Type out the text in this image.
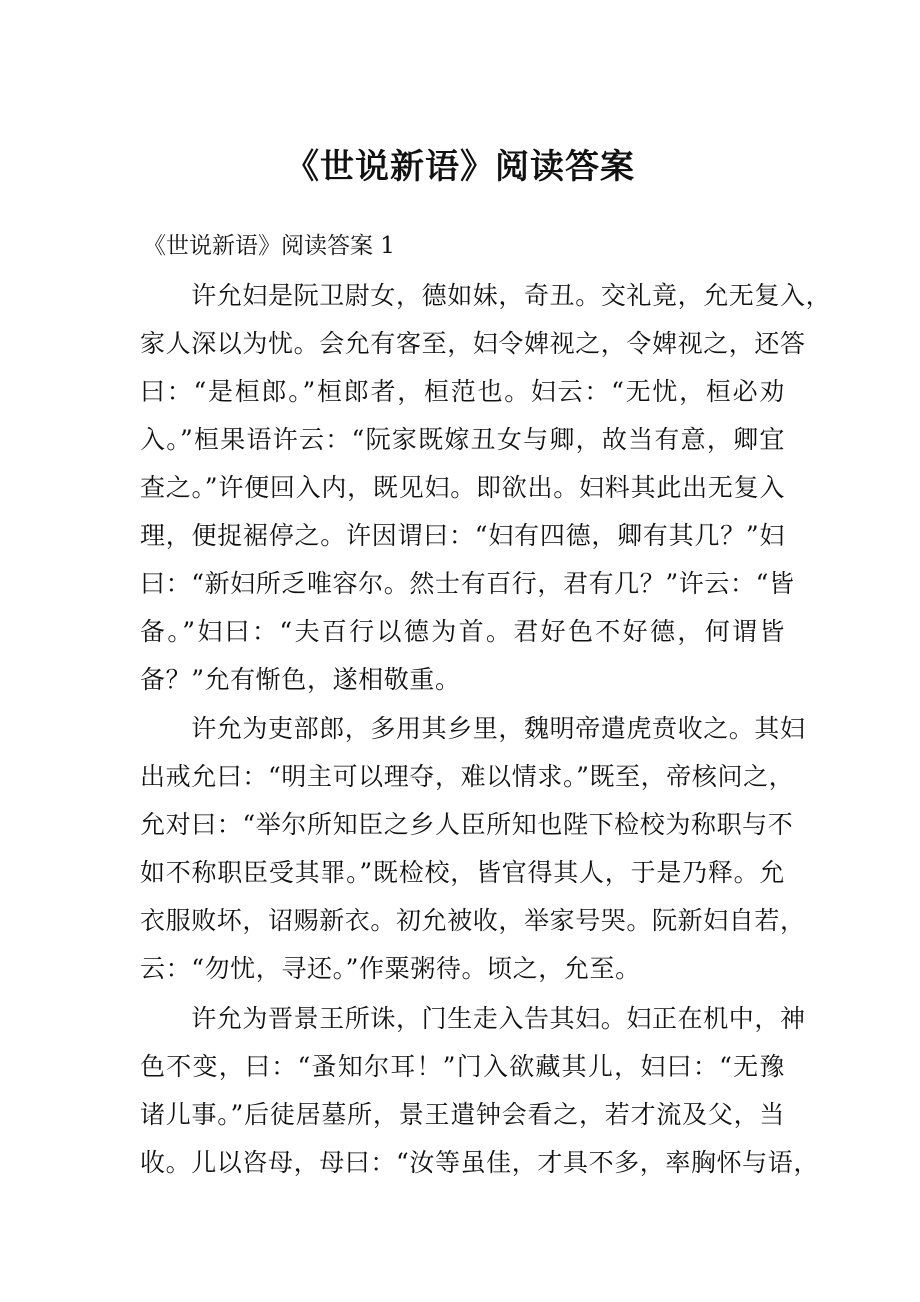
《世说新语》阅读答案

《世说新语》阅读答案 1

　　许允妇是阮卫尉女，德如妹，奇丑。交礼竟，允无复入，
家人深以为忧。会允有客至，妇令婢视之，令婢视之，还答
曰：“是桓郎。”桓郎者，桓范也。妇云：“无忧，桓必劝
入。”桓果语许云：“阮家既嫁丑女与卿，故当有意，卿宜
查之。”许便回入内，既见妇。即欲出。妇料其此出无复入
理，便捉裾停之。许因谓曰：“妇有四德，卿有其几？”妇
曰：“新妇所乏唯容尔。然士有百行，君有几？”许云：“皆
备。”妇曰：“夫百行以德为首。君好色不好德，何谓皆
备？”允有惭色，遂相敬重。

　　许允为吏部郎，多用其乡里，魏明帝遣虎贲收之。其妇
出戒允曰：“明主可以理夺，难以情求。”既至，帝核问之，
允对曰：“举尔所知臣之乡人臣所知也陛下检校为称职与不
如不称职臣受其罪。”既检校，皆官得其人，于是乃释。允
衣服败坏，诏赐新衣。初允被收，举家号哭。阮新妇自若，
云：“勿忧，寻还。”作粟粥待。顷之，允至。

　　许允为晋景王所诛，门生走入告其妇。妇正在机中，神
色不变，曰：“蚤知尔耳！”门入欲藏其儿，妇曰：“无豫
诸儿事。”后徒居墓所，景王遣钟会看之，若才流及父，当
收。儿以咨母，母曰：“汝等虽佳，才具不多，率胸怀与语，
